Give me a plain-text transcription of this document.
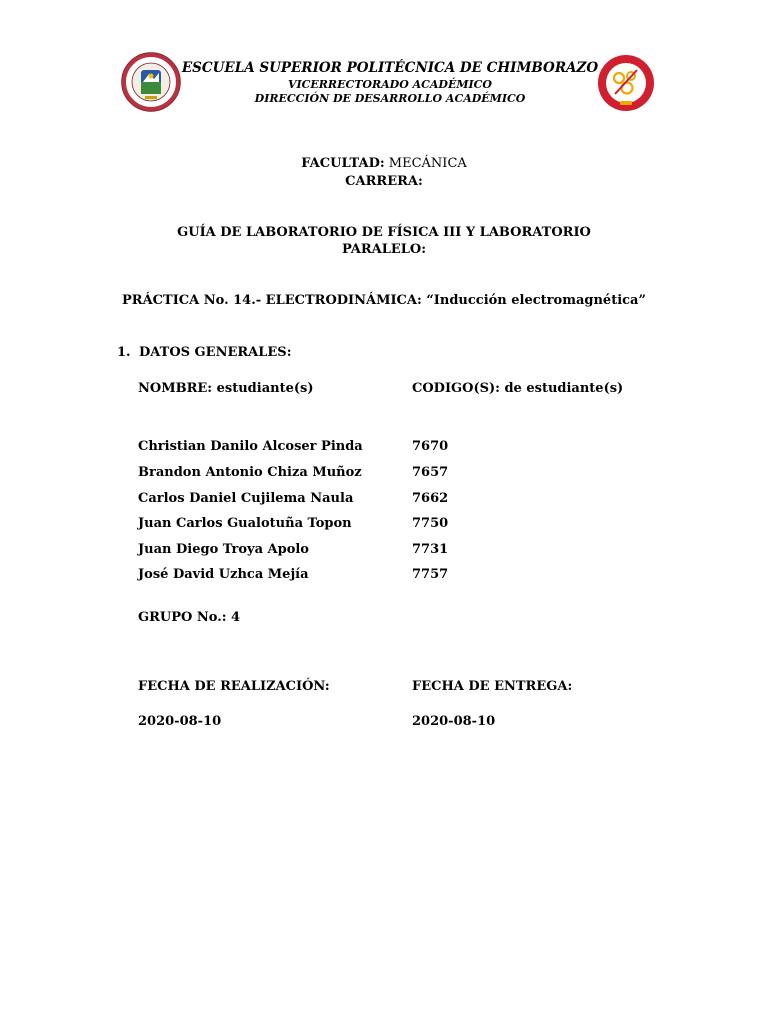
ESCUELA SUPERIOR POLITÉCNICA DE CHIMBORAZO
VICERRECTORADO ACADÉMICO
DIRECCIÓN DE DESARROLLO ACADÉMICO
FACULTAD: MECÁNICA
CARRERA:
GUÍA DE LABORATORIO DE FÍSICA III Y LABORATORIO
PARALELO:
PRÁCTICA No. 14.- ELECTRODINÁMICA: “Inducción electromagnética”
1. DATOS GENERALES:
NOMBRE: estudiante(s)	CODIGO(S): de estudiante(s)
Christian Danilo Alcoser Pinda	7670
Brandon Antonio Chiza Muñoz	7657
Carlos Daniel Cujilema Naula	7662
Juan Carlos Gualotuña Topon	7750
Juan Diego Troya Apolo	7731
José David Uzhca Mejía	7757
GRUPO No.: 4
FECHA DE REALIZACIÓN:	FECHA DE ENTREGA:
2020-08-10	2020-08-10
